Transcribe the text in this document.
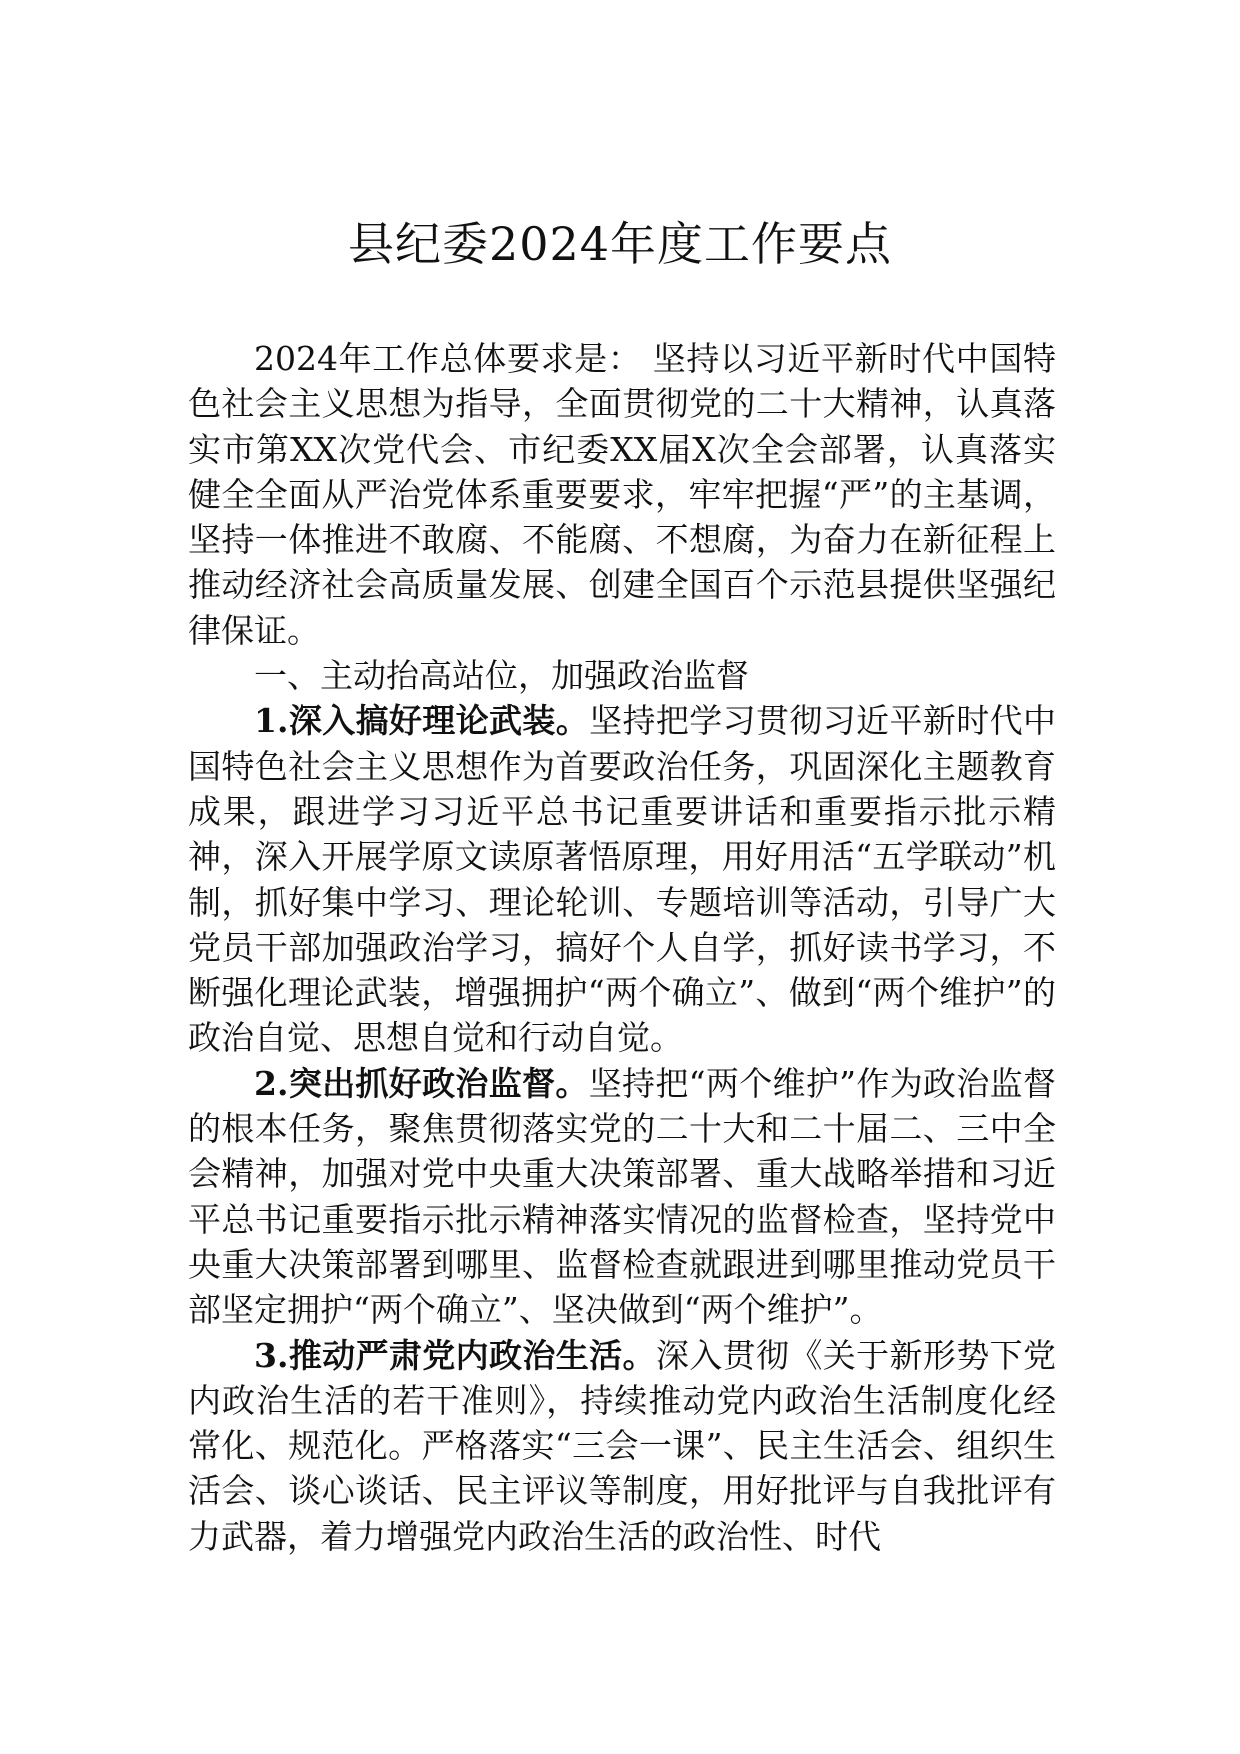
县纪委2024年度工作要点

2024年工作总体要求是： 坚持以习近平新时代中国特色社会主义思想为指导，全面贯彻党的二十大精神，认真落实市第XX次党代会、市纪委XX届X次全会部署，认真落实健全全面从严治党体系重要要求，牢牢把握“严”的主基调，坚持一体推进不敢腐、不能腐、不想腐，为奋力在新征程上推动经济社会高质量发展、创建全国百个示范县提供坚强纪律保证。

一、主动抬高站位，加强政治监督

1.深入搞好理论武装。坚持把学习贯彻习近平新时代中国特色社会主义思想作为首要政治任务，巩固深化主题教育成果，跟进学习习近平总书记重要讲话和重要指示批示精神，深入开展学原文读原著悟原理，用好用活“五学联动”机制，抓好集中学习、理论轮训、专题培训等活动，引导广大党员干部加强政治学习，搞好个人自学，抓好读书学习，不断强化理论武装，增强拥护“两个确立”、做到“两个维护”的政治自觉、思想自觉和行动自觉。

2.突出抓好政治监督。坚持把“两个维护”作为政治监督的根本任务，聚焦贯彻落实党的二十大和二十届二、三中全会精神，加强对党中央重大决策部署、重大战略举措和习近平总书记重要指示批示精神落实情况的监督检查，坚持党中央重大决策部署到哪里、监督检查就跟进到哪里推动党员干部坚定拥护“两个确立”、坚决做到“两个维护”。

3.推动严肃党内政治生活。深入贯彻《关于新形势下党内政治生活的若干准则》，持续推动党内政治生活制度化经常化、规范化。严格落实“三会一课”、民主生活会、组织生活会、谈心谈话、民主评议等制度，用好批评与自我批评有力武器，着力增强党内政治生活的政治性、时代
